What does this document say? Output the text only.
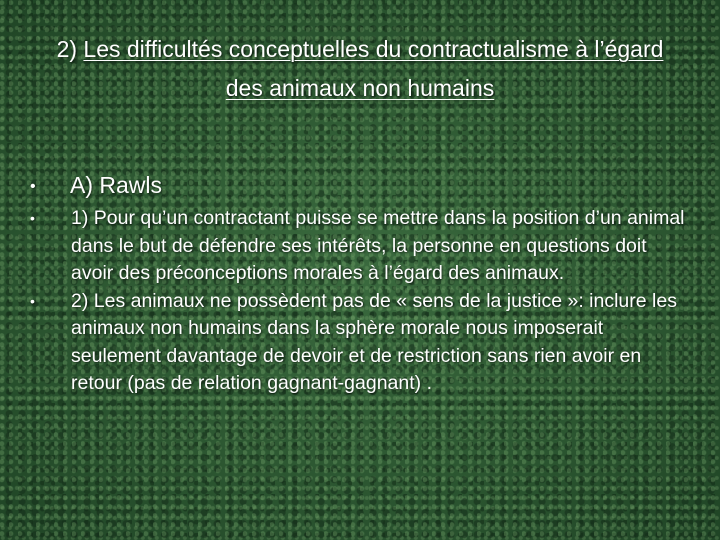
2) Les difficultés conceptuelles du contractualisme à l’égard des animaux non humains
• A) Rawls
• 1) Pour qu’un contractant puisse se mettre dans la position d’un animal dans le but de défendre ses intérêts, la personne en questions doit avoir des préconceptions morales à l’égard des animaux.
• 2) Les animaux ne possèdent pas de « sens de la justice »: inclure les animaux non humains dans la sphère morale nous imposerait seulement davantage de devoir et de restriction sans rien avoir en retour (pas de relation gagnant-gagnant) .
